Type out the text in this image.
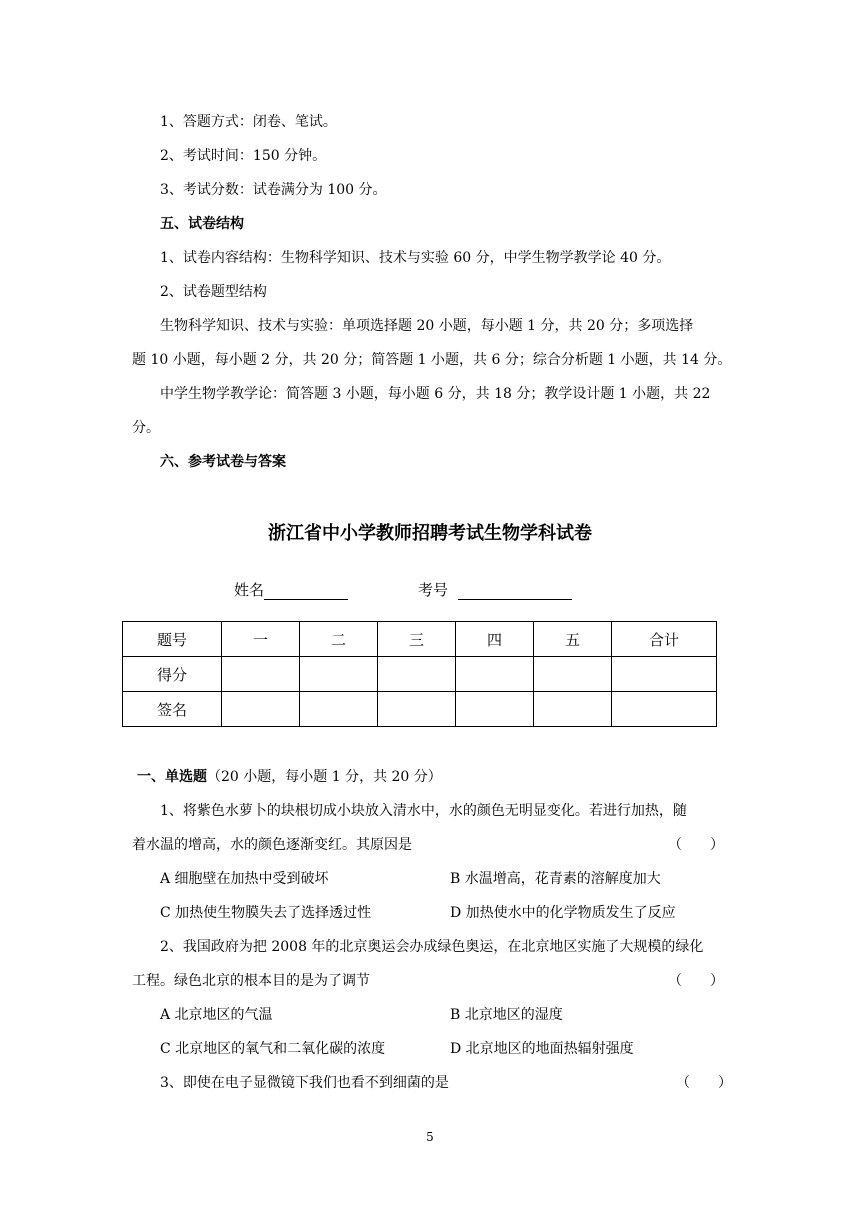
1、答题方式：闭卷、笔试。
2、考试时间：150 分钟。
3、考试分数：试卷满分为 100 分。
五、试卷结构
1、试卷内容结构：生物科学知识、技术与实验 60 分，中学生物学教学论 40 分。
2、试卷题型结构
生物科学知识、技术与实验：单项选择题 20 小题，每小题 1 分，共 20 分；多项选择
题 10 小题，每小题 2 分，共 20 分；简答题 1 小题，共 6 分；综合分析题 1 小题，共 14 分。
中学生物学教学论：简答题 3 小题，每小题 6 分，共 18 分；教学设计题 1 小题，共 22
分。
六、参考试卷与答案
浙江省中小学教师招聘考试生物学科试卷
姓名	考号
题号	一	二	三	四	五	合计
得分						
签名						
一、单选题（20 小题，每小题 1 分，共 20 分）
1、将紫色水萝卜的块根切成小块放入清水中，水的颜色无明显变化。若进行加热，随
着水温的增高，水的颜色逐渐变红。其原因是	（　　）
A 细胞壁在加热中受到破坏	B 水温增高，花青素的溶解度加大
C 加热使生物膜失去了选择透过性	D 加热使水中的化学物质发生了反应
2、我国政府为把 2008 年的北京奥运会办成绿色奥运，在北京地区实施了大规模的绿化
工程。绿色北京的根本目的是为了调节	（　　）
A 北京地区的气温	B 北京地区的湿度
C 北京地区的氧气和二氧化碳的浓度	D 北京地区的地面热辐射强度
3、即使在电子显微镜下我们也看不到细菌的是	（　　）
5
